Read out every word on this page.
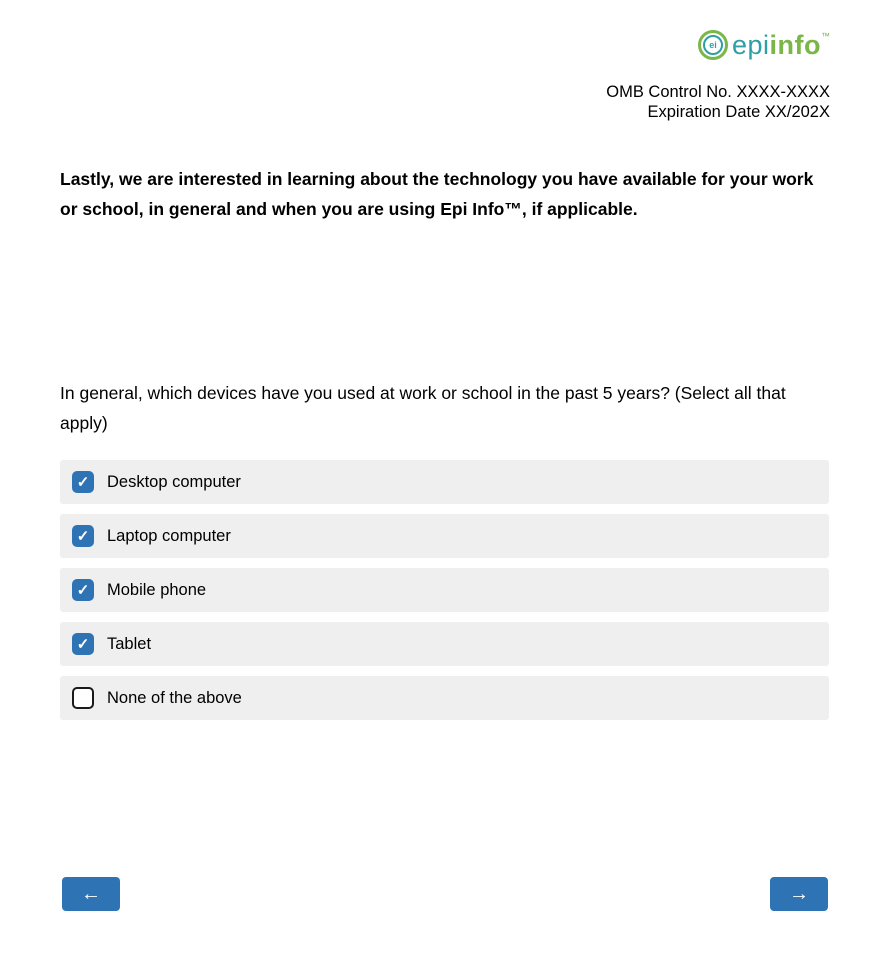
ei epi info ™
OMB Control No. XXXX-XXXX
Expiration Date XX/202X
Lastly, we are interested in learning about the technology you have available for your work or school, in general and when you are using Epi Info™, if applicable.
In general, which devices have you used at work or school in the past 5 years? (Select all that apply)
✓
Desktop computer
✓
Laptop computer
✓
Mobile phone
✓
Tablet
None of the above
←	→
